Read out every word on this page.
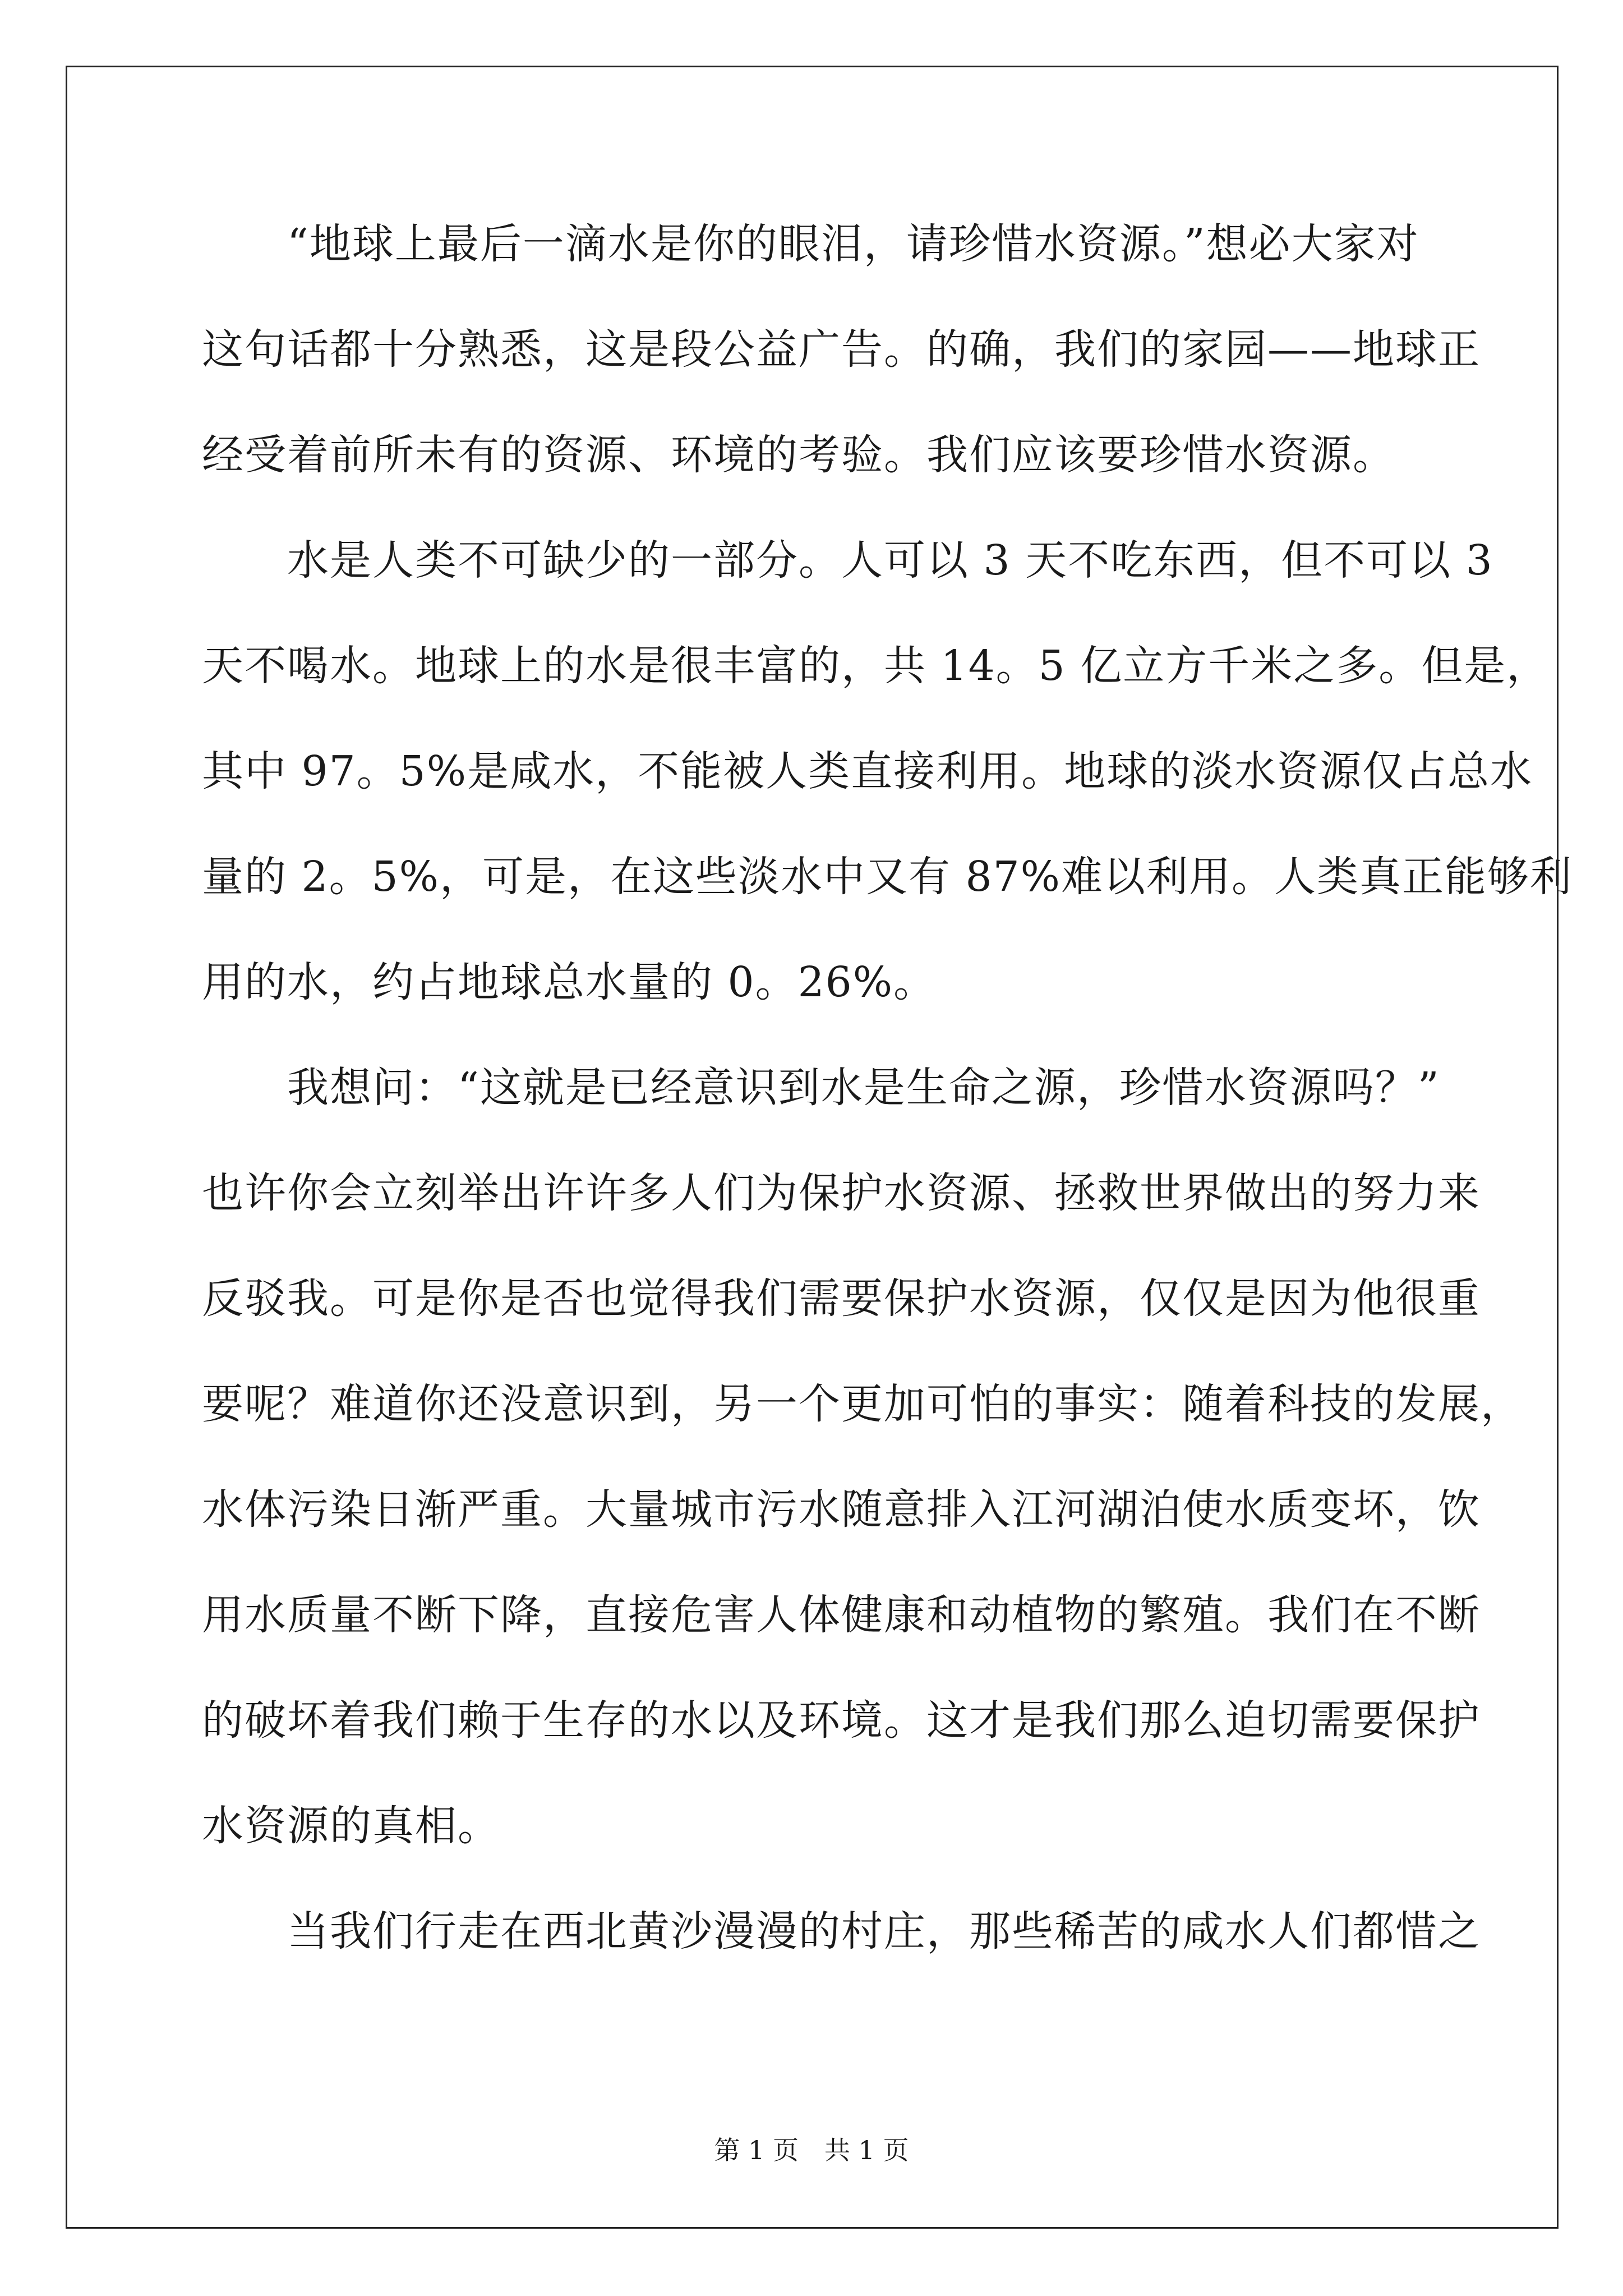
　　“地球上最后一滴水是你的眼泪，请珍惜水资源。”想必大家对
这句话都十分熟悉，这是段公益广告。的确，我们的家园——地球正
经受着前所未有的资源、环境的考验。我们应该要珍惜水资源。
　　水是人类不可缺少的一部分。人可以 3 天不吃东西，但不可以 3
天不喝水。地球上的水是很丰富的，共 14。5 亿立方千米之多。但是，
其中 97。5%是咸水，不能被人类直接利用。地球的淡水资源仅占总水
量的 2。5%，可是，在这些淡水中又有 87%难以利用。人类真正能够利
用的水，约占地球总水量的 0。26%。
　　我想问：“这就是已经意识到水是生命之源，珍惜水资源吗？”
也许你会立刻举出许许多人们为保护水资源、拯救世界做出的努力来
反驳我。可是你是否也觉得我们需要保护水资源，仅仅是因为他很重
要呢？难道你还没意识到，另一个更加可怕的事实：随着科技的发展，
水体污染日渐严重。大量城市污水随意排入江河湖泊使水质变坏，饮
用水质量不断下降，直接危害人体健康和动植物的繁殖。我们在不断
的破坏着我们赖于生存的水以及环境。这才是我们那么迫切需要保护
水资源的真相。
　　当我们行走在西北黄沙漫漫的村庄，那些稀苦的咸水人们都惜之
第 1 页　共 1 页
